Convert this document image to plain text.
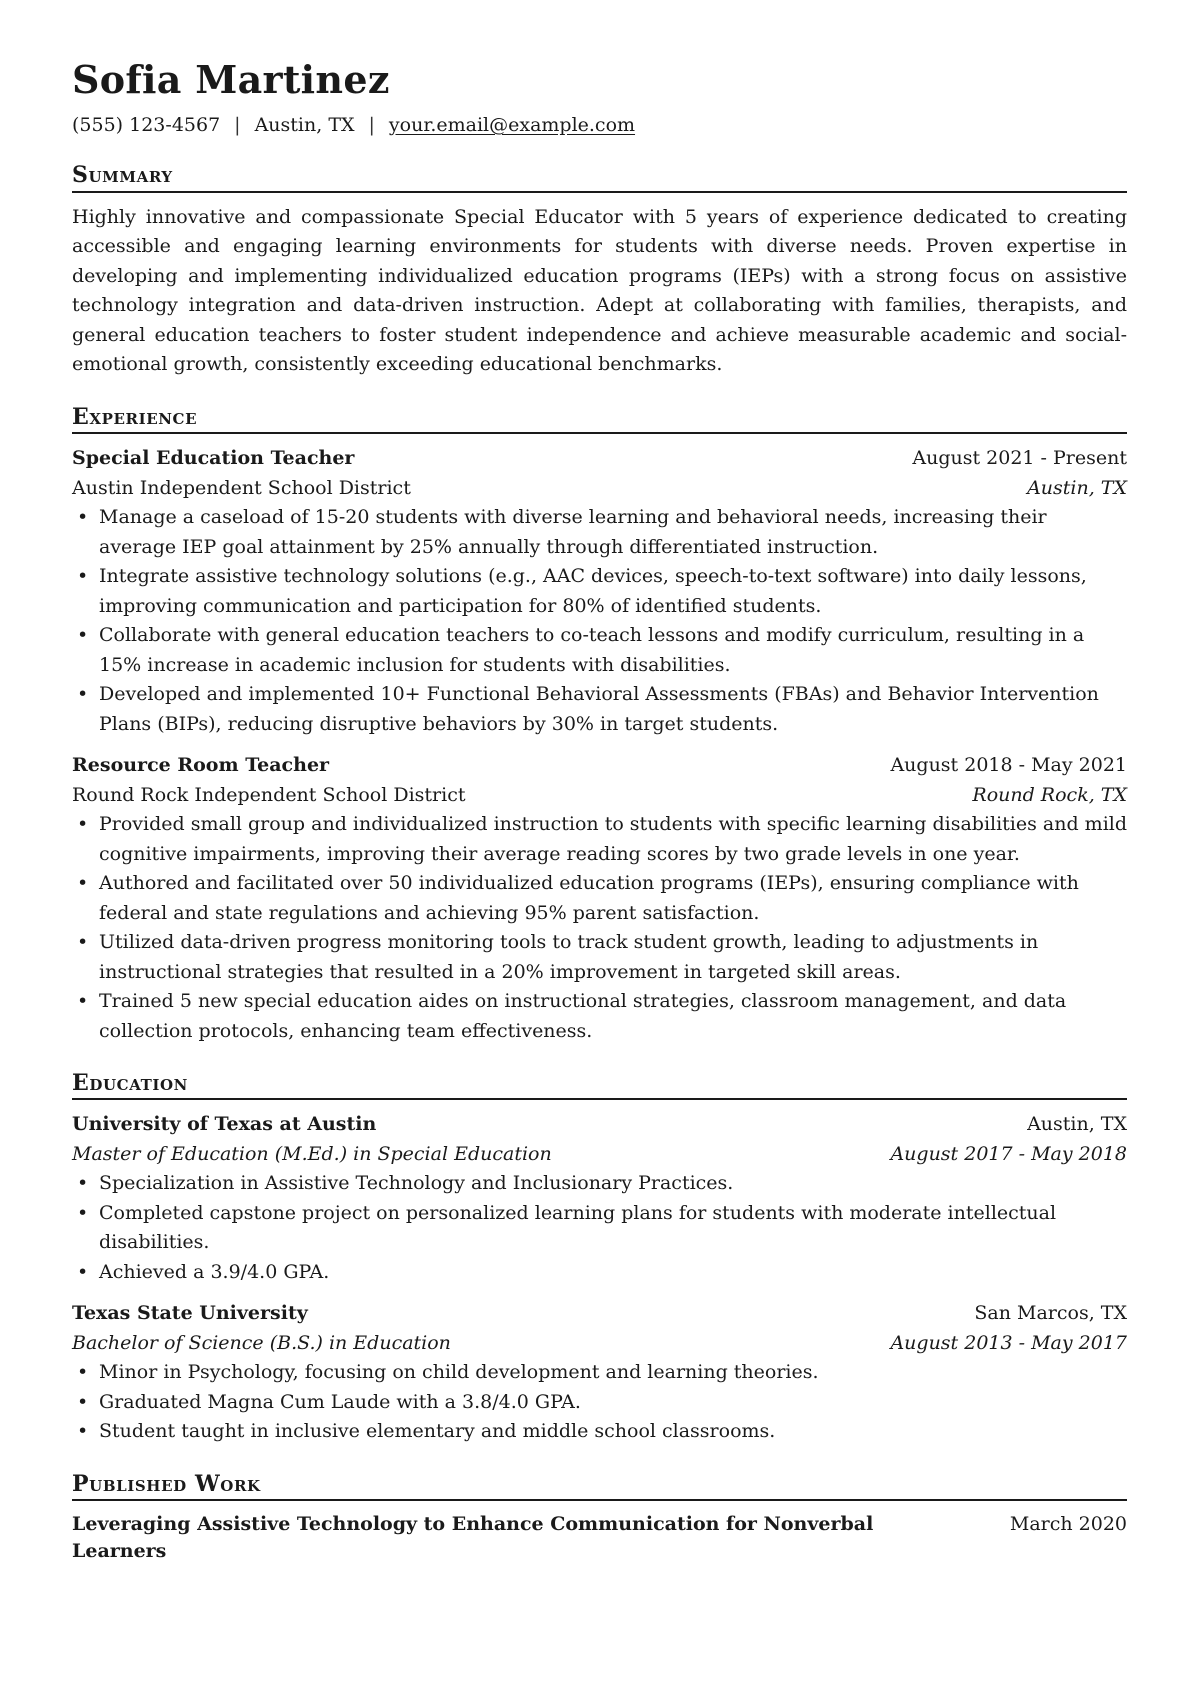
Sofia Martinez
(555) 123-4567 | Austin, TX | your.email@example.com
Summary
Highly innovative and compassionate Special Educator with 5 years of experience dedicated to creating accessible and engaging learning environments for students with diverse needs. Proven expertise in developing and implementing individualized education programs (IEPs) with a strong focus on assistive technology integration and data-driven instruction. Adept at collaborating with families, therapists, and general education teachers to foster student independence and achieve measurable academic and social-emotional growth, consistently exceeding educational benchmarks.
Experience
Special Education Teacher	August 2021 - Present
Austin Independent School District	Austin, TX
• Manage a caseload of 15-20 students with diverse learning and behavioral needs, increasing their average IEP goal attainment by 25% annually through differentiated instruction.
• Integrate assistive technology solutions (e.g., AAC devices, speech-to-text software) into daily lessons, improving communication and participation for 80% of identified students.
• Collaborate with general education teachers to co-teach lessons and modify curriculum, resulting in a 15% increase in academic inclusion for students with disabilities.
• Developed and implemented 10+ Functional Behavioral Assessments (FBAs) and Behavior Intervention Plans (BIPs), reducing disruptive behaviors by 30% in target students.
Resource Room Teacher	August 2018 - May 2021
Round Rock Independent School District	Round Rock, TX
• Provided small group and individualized instruction to students with specific learning disabilities and mild cognitive impairments, improving their average reading scores by two grade levels in one year.
• Authored and facilitated over 50 individualized education programs (IEPs), ensuring compliance with federal and state regulations and achieving 95% parent satisfaction.
• Utilized data-driven progress monitoring tools to track student growth, leading to adjustments in instructional strategies that resulted in a 20% improvement in targeted skill areas.
• Trained 5 new special education aides on instructional strategies, classroom management, and data collection protocols, enhancing team effectiveness.
Education
University of Texas at Austin	Austin, TX
Master of Education (M.Ed.) in Special Education	August 2017 - May 2018
• Specialization in Assistive Technology and Inclusionary Practices.
• Completed capstone project on personalized learning plans for students with moderate intellectual disabilities.
• Achieved a 3.9/4.0 GPA.
Texas State University	San Marcos, TX
Bachelor of Science (B.S.) in Education	August 2013 - May 2017
• Minor in Psychology, focusing on child development and learning theories.
• Graduated Magna Cum Laude with a 3.8/4.0 GPA.
• Student taught in inclusive elementary and middle school classrooms.
Published Work
Leveraging Assistive Technology to Enhance Communication for Nonverbal Learners
March 2020
